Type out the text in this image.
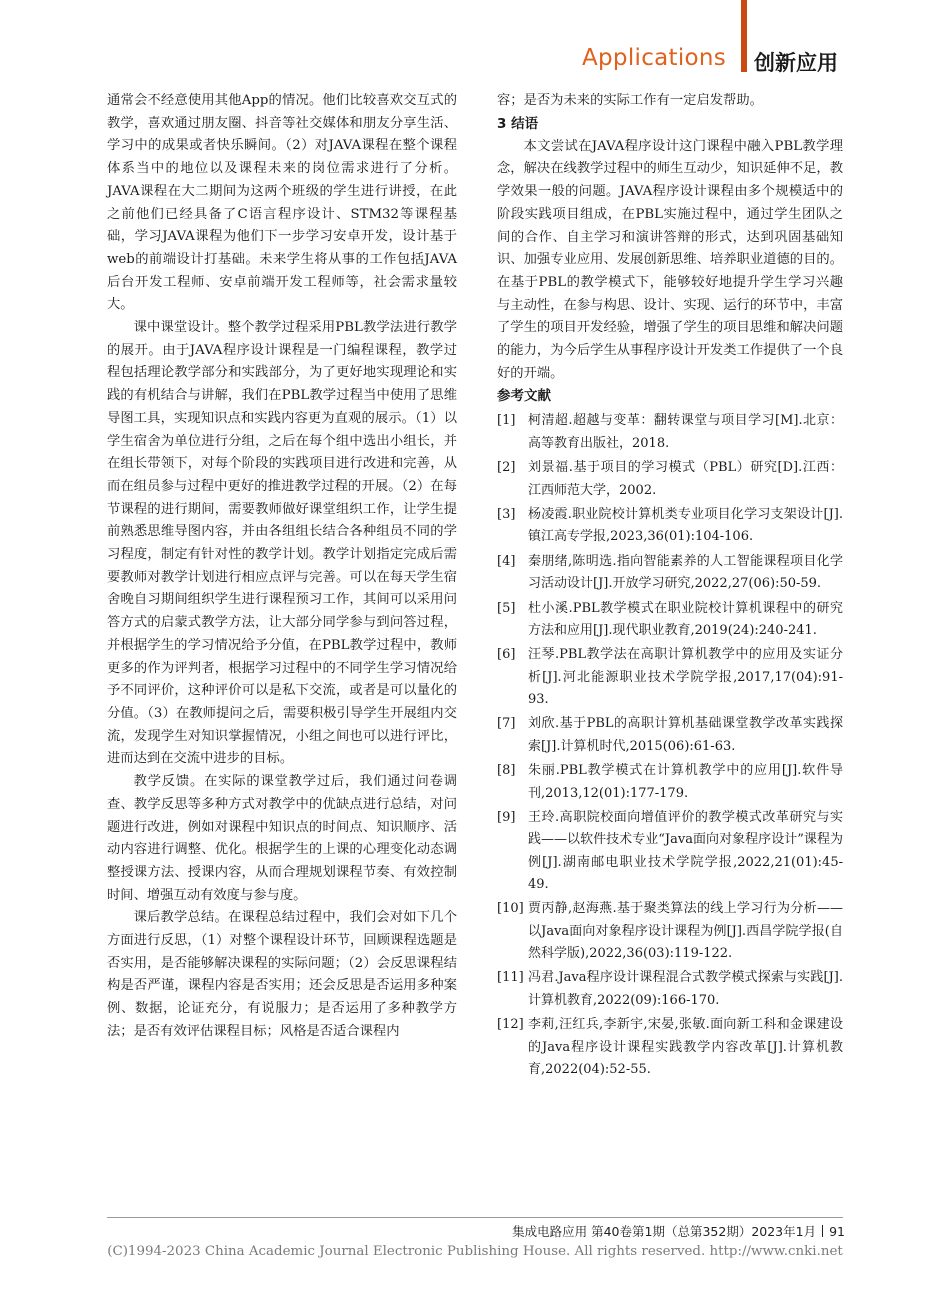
Applications 创新应用

通常会不经意使用其他App的情况。他们比较喜欢交互式的教学，喜欢通过朋友圈、抖音等社交媒体和朋友分享生活、学习中的成果或者快乐瞬间。（2）对JAVA课程在整个课程体系当中的地位以及课程未来的岗位需求进行了分析。JAVA课程在大二期间为这两个班级的学生进行讲授，在此之前他们已经具备了C语言程序设计、STM32等课程基础，学习JAVA课程为他们下一步学习安卓开发，设计基于web的前端设计打基础。未来学生将从事的工作包括JAVA后台开发工程师、安卓前端开发工程师等，社会需求量较大。

课中课堂设计。整个教学过程采用PBL教学法进行教学的展开。由于JAVA程序设计课程是一门编程课程，教学过程包括理论教学部分和实践部分，为了更好地实现理论和实践的有机结合与讲解，我们在PBL教学过程当中使用了思维导图工具，实现知识点和实践内容更为直观的展示。（1）以学生宿舍为单位进行分组，之后在每个组中选出小组长，并在组长带领下，对每个阶段的实践项目进行改进和完善，从而在组员参与过程中更好的推进教学过程的开展。（2）在每节课程的进行期间，需要教师做好课堂组织工作，让学生提前熟悉思维导图内容，并由各组组长结合各种组员不同的学习程度，制定有针对性的教学计划。教学计划指定完成后需要教师对教学计划进行相应点评与完善。可以在每天学生宿舍晚自习期间组织学生进行课程预习工作，其间可以采用问答方式的启蒙式教学方法，让大部分同学参与到问答过程，并根据学生的学习情况给予分值，在PBL教学过程中，教师更多的作为评判者，根据学习过程中的不同学生学习情况给予不同评价，这种评价可以是私下交流，或者是可以量化的分值。（3）在教师提问之后，需要积极引导学生开展组内交流，发现学生对知识掌握情况，小组之间也可以进行评比，进而达到在交流中进步的目标。

教学反馈。在实际的课堂教学过后，我们通过问卷调查、教学反思等多种方式对教学中的优缺点进行总结，对问题进行改进，例如对课程中知识点的时间点、知识顺序、活动内容进行调整、优化。根据学生的上课的心理变化动态调整授课方法、授课内容，从而合理规划课程节奏、有效控制时间、增强互动有效度与参与度。

课后教学总结。在课程总结过程中，我们会对如下几个方面进行反思，（1）对整个课程设计环节，回顾课程选题是否实用，是否能够解决课程的实际问题；（2）会反思课程结构是否严谨，课程内容是否实用；还会反思是否运用多种案例、数据，论证充分，有说服力；是否运用了多种教学方法；是否有效评估课程目标；风格是否适合课程内

容；是否为未来的实际工作有一定启发帮助。

3 结语

本文尝试在JAVA程序设计这门课程中融入PBL教学理念，解决在线教学过程中的师生互动少，知识延伸不足，教学效果一般的问题。JAVA程序设计课程由多个规模适中的阶段实践项目组成，在PBL实施过程中，通过学生团队之间的合作、自主学习和演讲答辩的形式，达到巩固基础知识、加强专业应用、发展创新思维、培养职业道德的目的。在基于PBL的教学模式下，能够较好地提升学生学习兴趣与主动性，在参与构思、设计、实现、运行的环节中，丰富了学生的项目开发经验，增强了学生的项目思维和解决问题的能力，为今后学生从事程序设计开发类工作提供了一个良好的开端。

参考文献

[1] 柯清超.超越与变革：翻转课堂与项目学习[M].北京：高等教育出版社，2018.
[2] 刘景福.基于项目的学习模式（PBL）研究[D].江西：江西师范大学，2002.
[3] 杨凌霞.职业院校计算机类专业项目化学习支架设计[J].镇江高专学报,2023,36(01):104-106.
[4] 秦朋绪,陈明选.指向智能素养的人工智能课程项目化学习活动设计[J].开放学习研究,2022,27(06):50-59.
[5] 杜小溪.PBL教学模式在职业院校计算机课程中的研究方法和应用[J].现代职业教育,2019(24):240-241.
[6] 汪琴.PBL教学法在高职计算机教学中的应用及实证分析[J].河北能源职业技术学院学报,2017,17(04):91-93.
[7] 刘欣.基于PBL的高职计算机基础课堂教学改革实践探索[J].计算机时代,2015(06):61-63.
[8] 朱丽.PBL教学模式在计算机教学中的应用[J].软件导刊,2013,12(01):177-179.
[9] 王玲.高职院校面向增值评价的教学模式改革研究与实践——以软件技术专业“Java面向对象程序设计”课程为例[J].湖南邮电职业技术学院学报,2022,21(01):45-49.
[10] 贾丙静,赵海燕.基于聚类算法的线上学习行为分析——以Java面向对象程序设计课程为例[J].西昌学院学报(自然科学版),2022,36(03):119-122.
[11] 冯君.Java程序设计课程混合式教学模式探索与实践[J].计算机教育,2022(09):166-170.
[12] 李莉,汪红兵,李新宇,宋晏,张敏.面向新工科和金课建设的Java程序设计课程实践教学内容改革[J].计算机教育,2022(04):52-55.
集成电路应用 第40卷第1期（总第352期）2023年1月 91
(C)1994-2023 China Academic Journal Electronic Publishing House. All rights reserved. http://www.cnki.net
